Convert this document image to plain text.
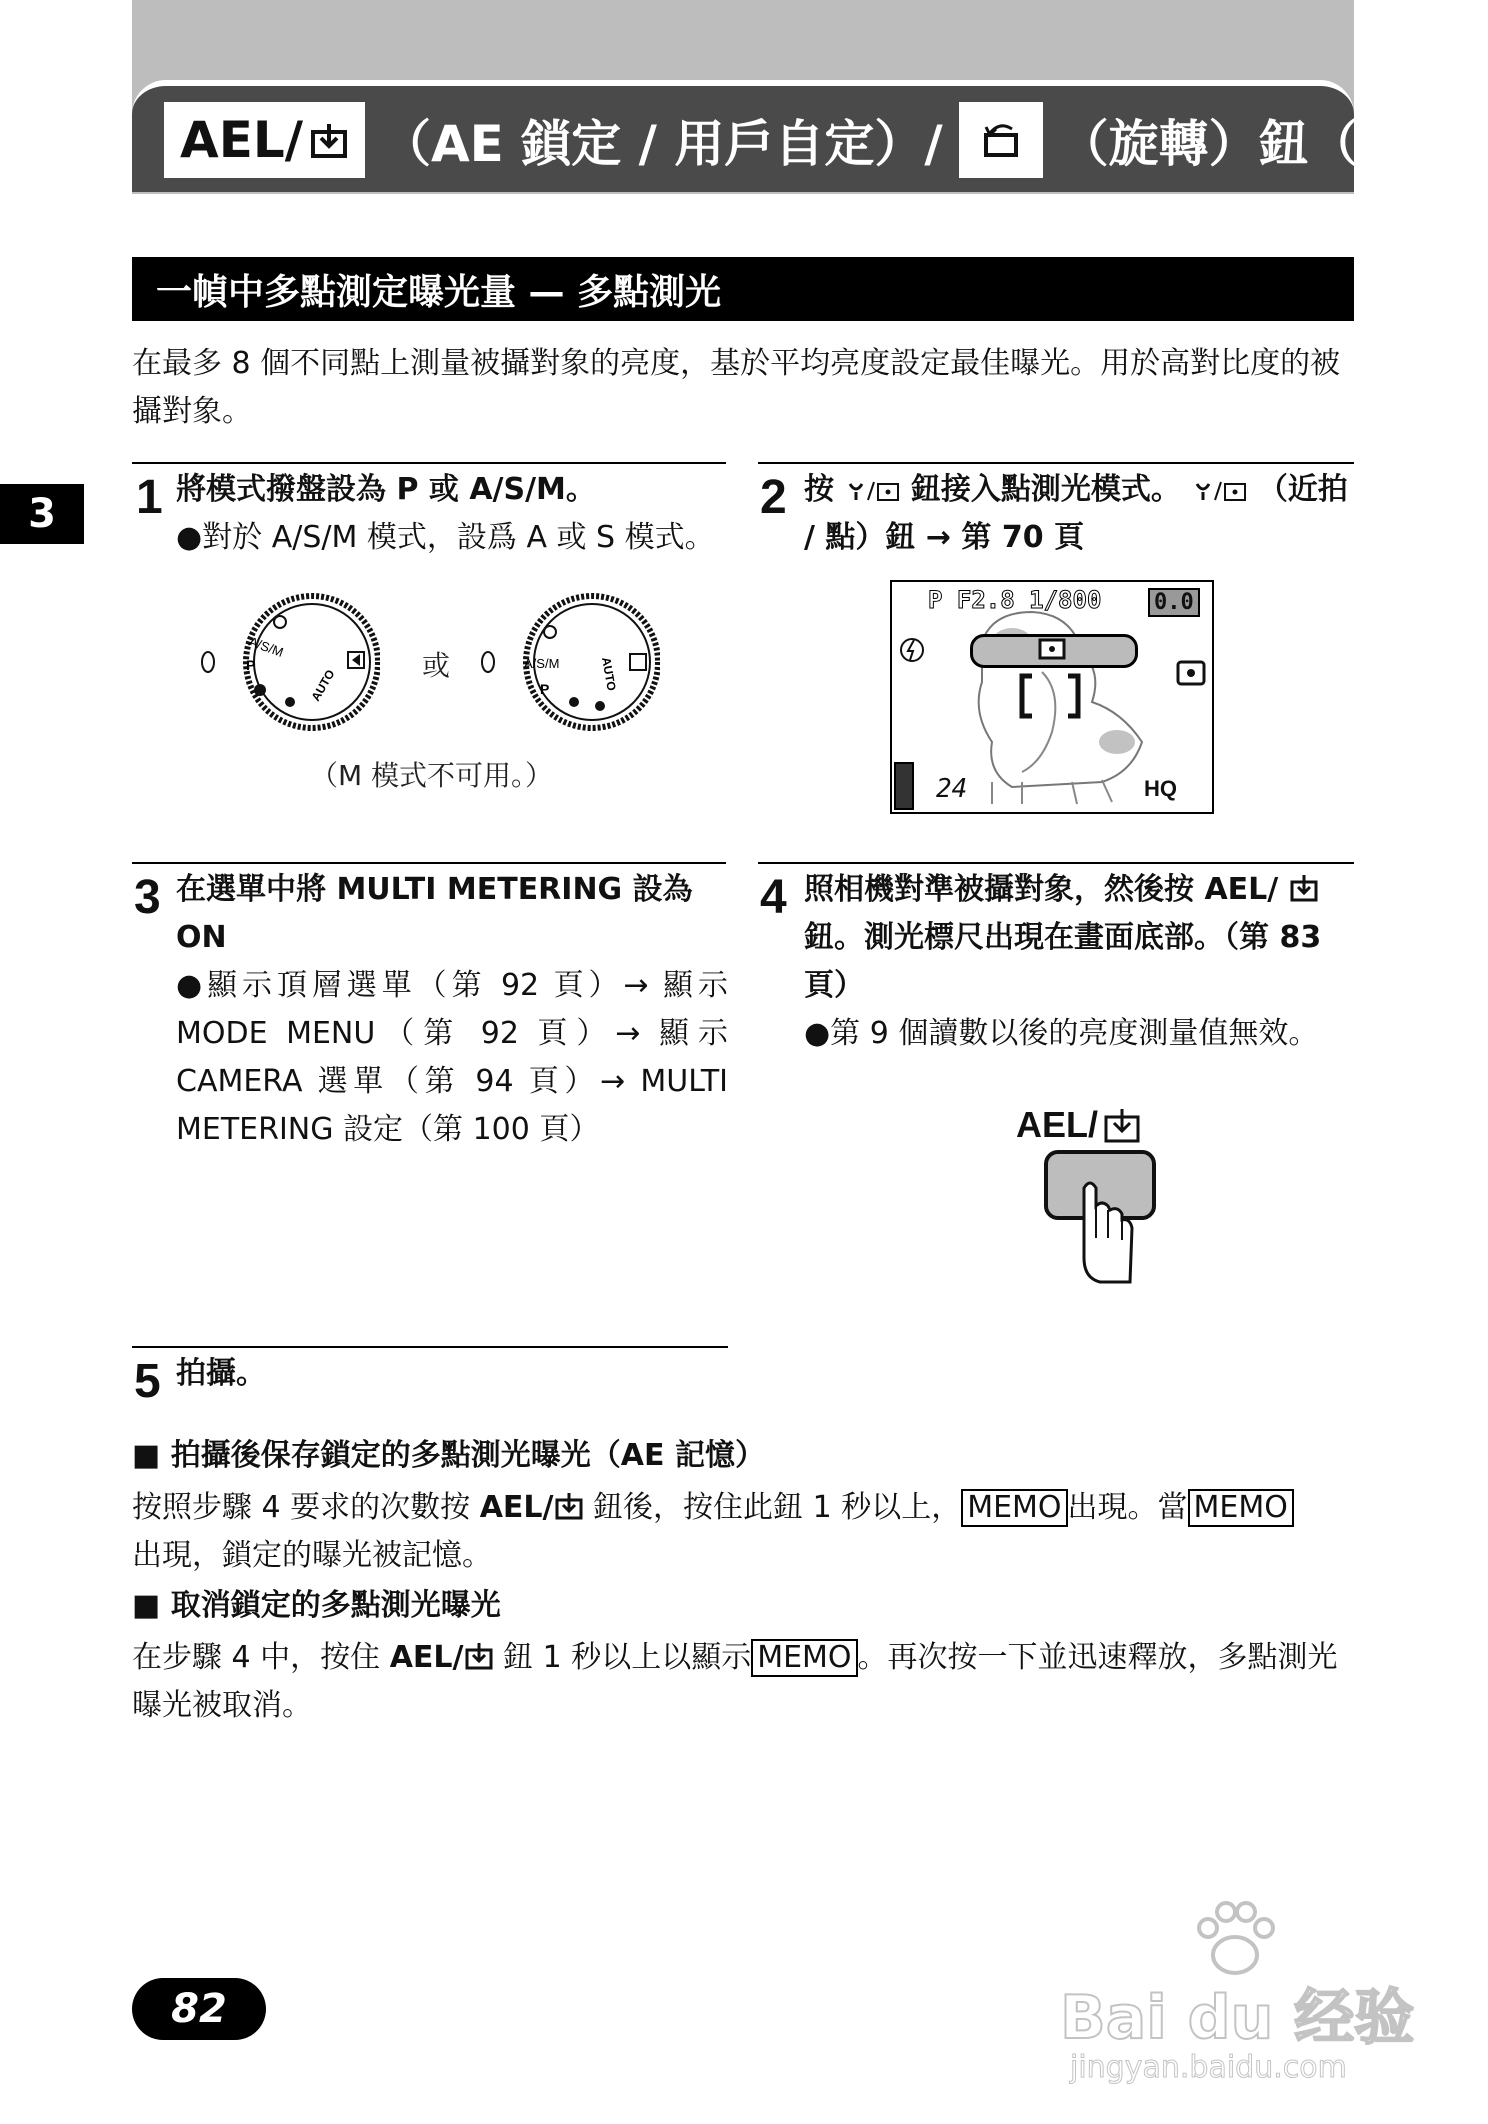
AEL/ （AE 鎖定 / 用戶自定）/ （旋轉）鈕（續）
一幀中多點測定曝光量 — 多點測光
在最多 8 個不同點上測量被攝對象的亮度，基於平均亮度設定最佳曝光。用於高對比度的被攝對象。
3	1 將模式撥盤設為 P 或 A/S/M。
●對於 A/S/M 模式，設爲 A 或 S 模式。
A/S/M
P
AUTO
或	A/S/M
P	AUTO
（M 模式不可用。）
2 按	鈕接入點測光模式。	（近拍 / 點）鈕 → 第 70 頁
P F2.8 1/800 0.0
24	HQ
3 在選單中將 MULTI METERING 設為 ON
●顯示頂層選單（第 92 頁）→ 顯示 MODE MENU（第 92 頁）→ 顯示 CAMERA 選單（第 94 頁）→ MULTI METERING 設定（第 100 頁）
4 照相機對準被攝對象，然後按 AEL/  鈕。測光標尺出現在畫面底部。（第 83 頁）
●第 9 個讀數以後的亮度測量值無效。
AEL/
5 拍攝。
■ 拍攝後保存鎖定的多點測光曝光（AE 記憶）
按照步驟 4 要求的次數按 AEL/ 鈕後，按住此鈕 1 秒以上， MEMO 出現。當 MEMO
出現，鎖定的曝光被記憶。
■ 取消鎖定的多點測光曝光
在步驟 4 中，按住 AEL/ 鈕 1 秒以上以顯示 MEMO 。再次按一下並迅速釋放，多點測光曝光被取消。
82	Bai du 经验
jingyan.baidu.com
